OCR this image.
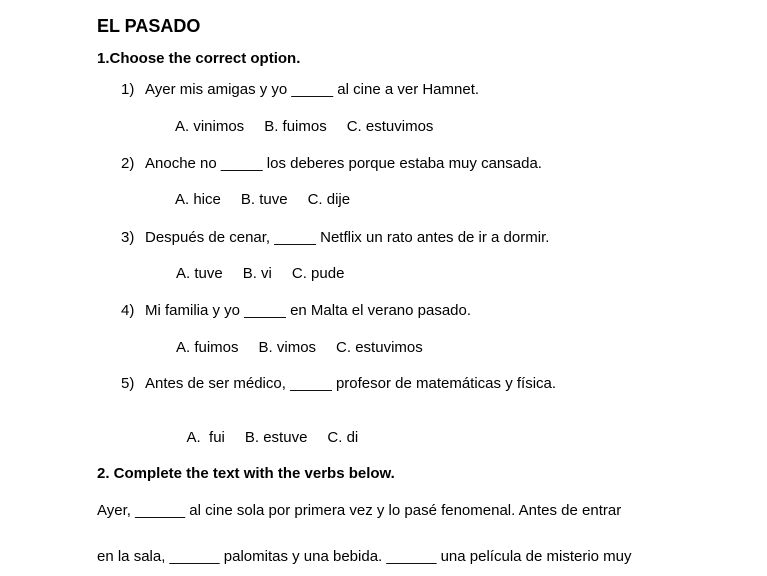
EL PASADO
1.Choose the correct option.
1) Ayer mis amigas y yo _____ al cine a ver Hamnet.
A. vinimos B. fuimos C. estuvimos
2) Anoche no _____ los deberes porque estaba muy cansada.
A. hice B. tuve C. dije
3) Después de cenar, _____ Netflix un rato antes de ir a dormir.
A. tuve B. vi C. pude
4) Mi familia y yo _____ en Malta el verano pasado.
A. fuimos B. vimos C. estuvimos
5) Antes de ser médico, _____ profesor de matemáticas y física.

A.  fui B. estuve C. di

2. Complete the text with the verbs below.
Ayer, ______ al cine sola por primera vez y lo pasé fenomenal. Antes de entrar
en la sala, ______ palomitas y una bebida. ______ una película de misterio muy
